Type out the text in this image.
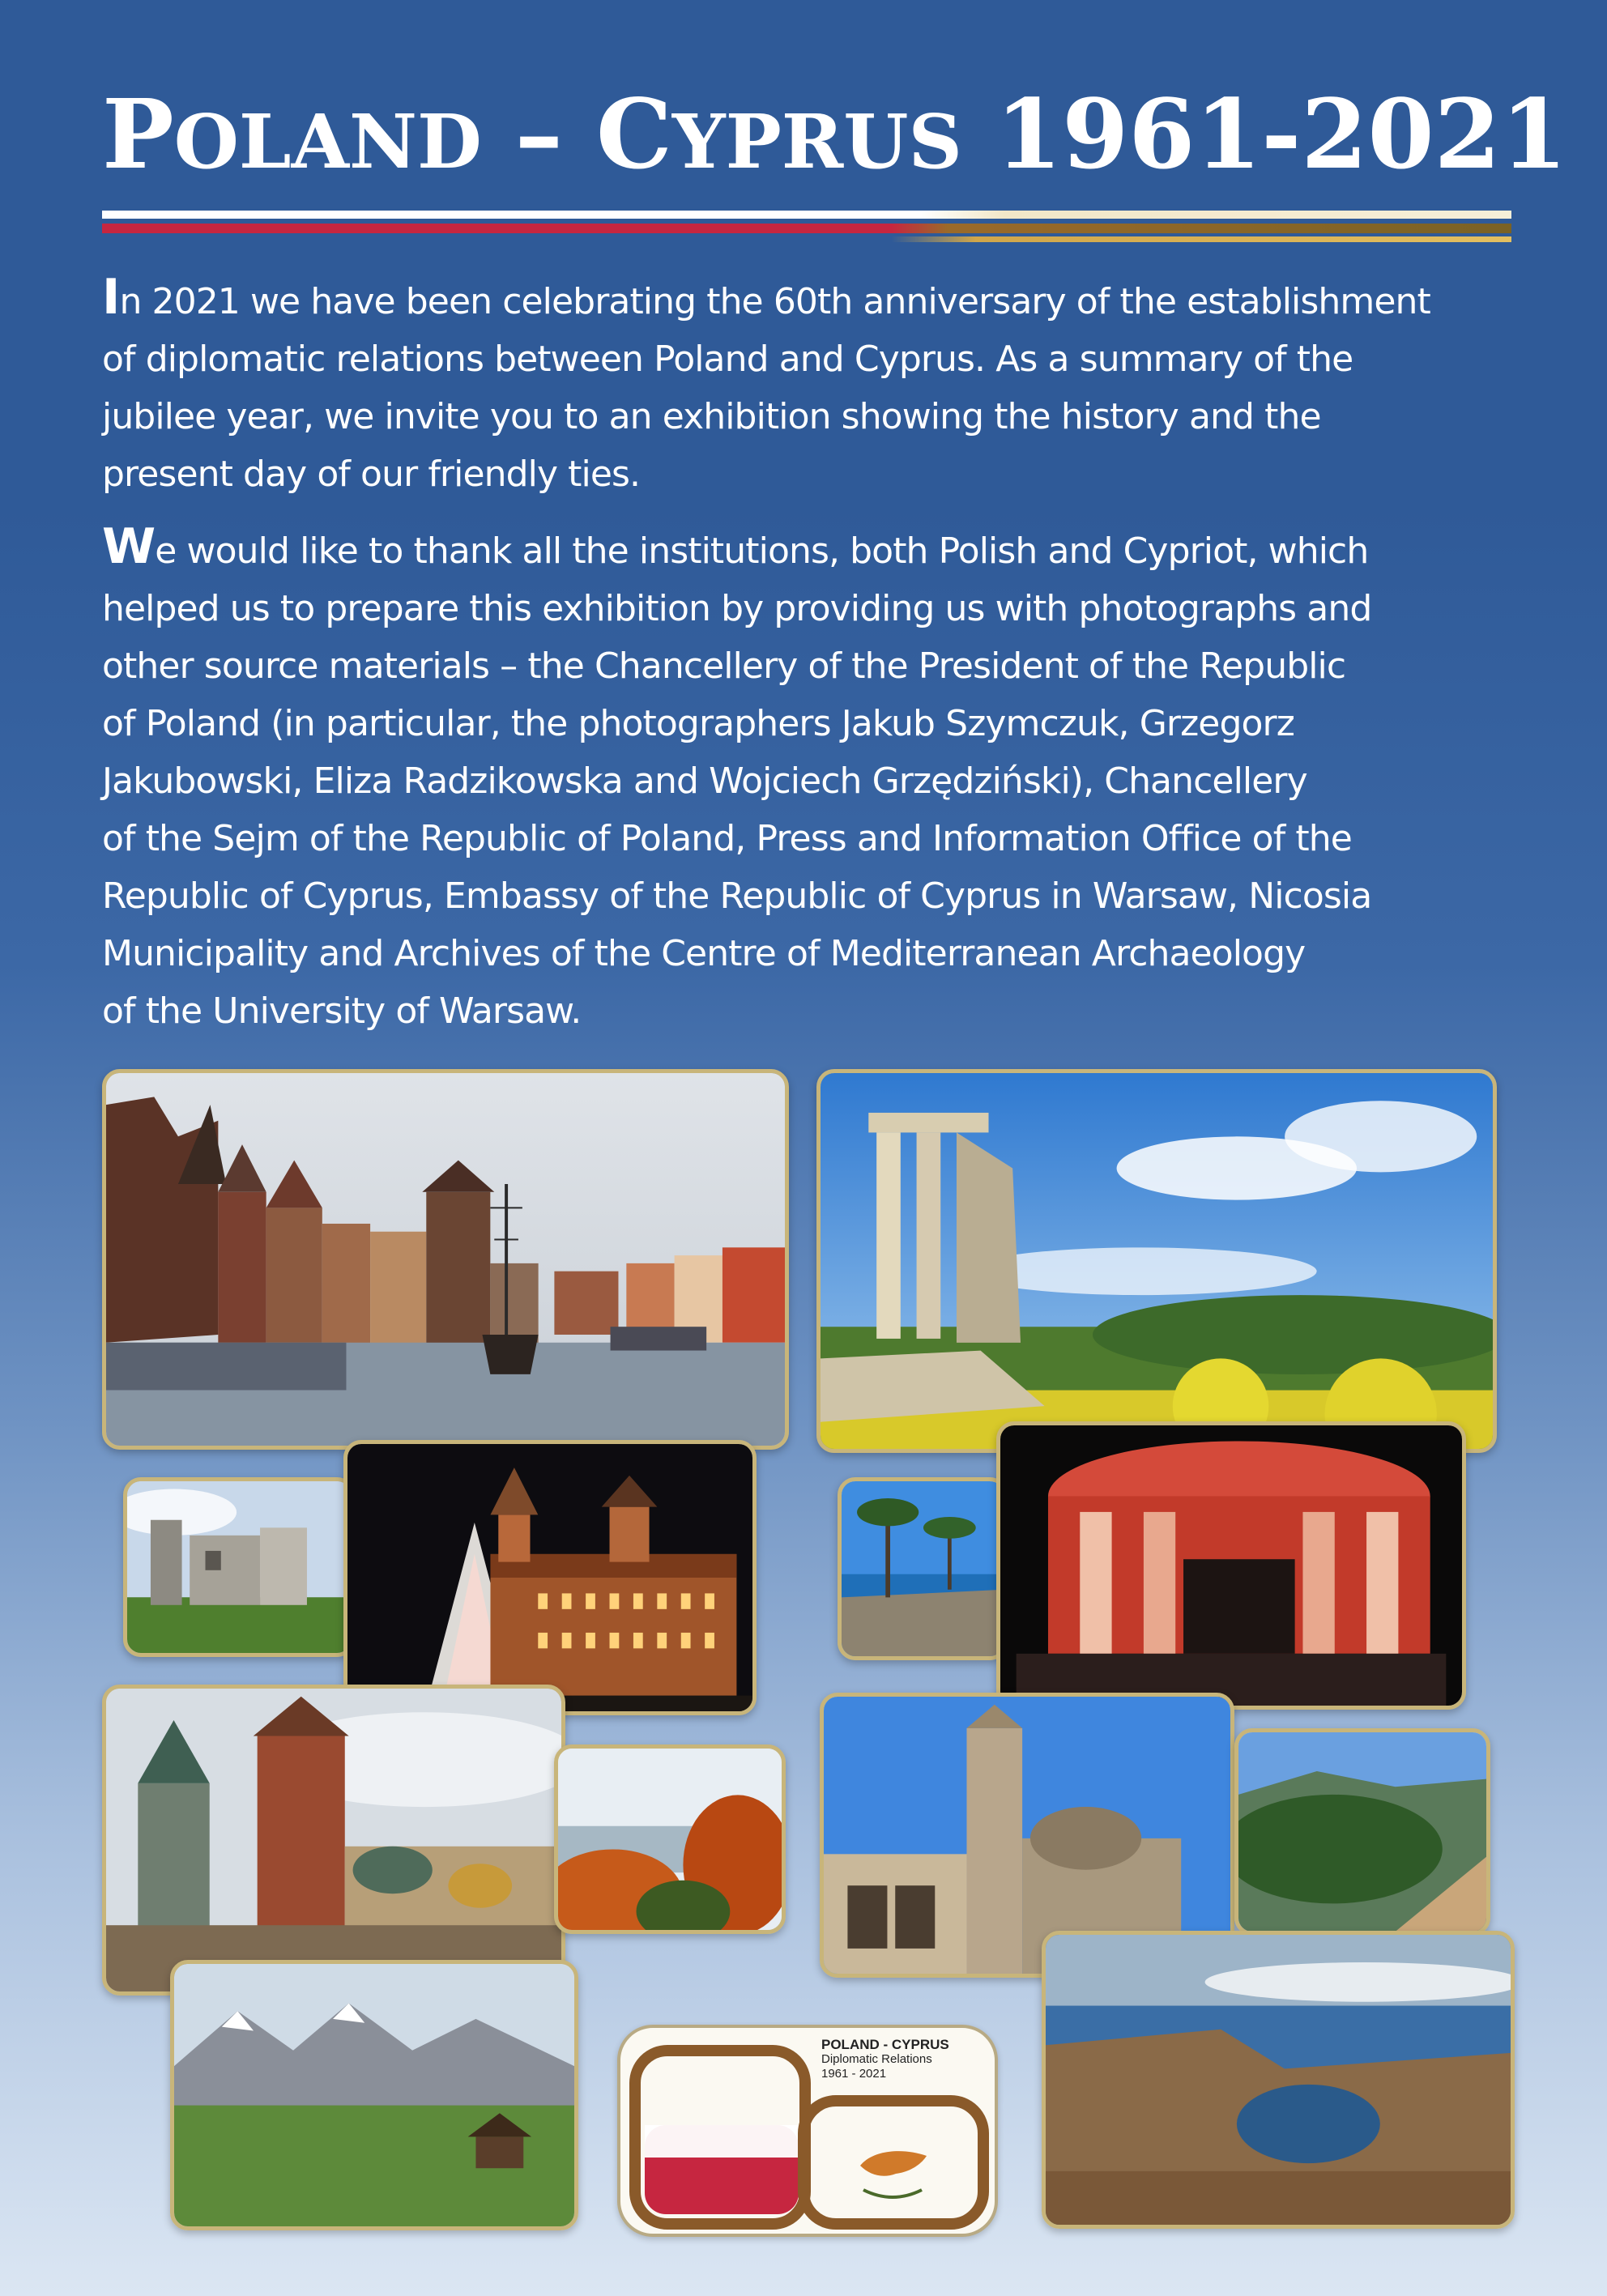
POLAND – CYPRUS 1961-2021
In 2021 we have been celebrating the 60th anniversary of the establishment
of diplomatic relations between Poland and Cyprus. As a summary of the
jubilee year, we invite you to an exhibition showing the history and the
present day of our friendly ties.
We would like to thank all the institutions, both Polish and Cypriot, which
helped us to prepare this exhibition by providing us with photographs and
other source materials – the Chancellery of the President of the Republic
of Poland (in particular, the photographers Jakub Szymczuk, Grzegorz
Jakubowski, Eliza Radzikowska and Wojciech Grzędziński), Chancellery
of the Sejm of the Republic of Poland, Press and Information Office of the
Republic of Cyprus, Embassy of the Republic of Cyprus in Warsaw, Nicosia
Municipality and Archives of the Centre of Mediterranean Archaeology
of the University of Warsaw.
POLAND - CYPRUS
Diplomatic Relations
1961 - 2021
